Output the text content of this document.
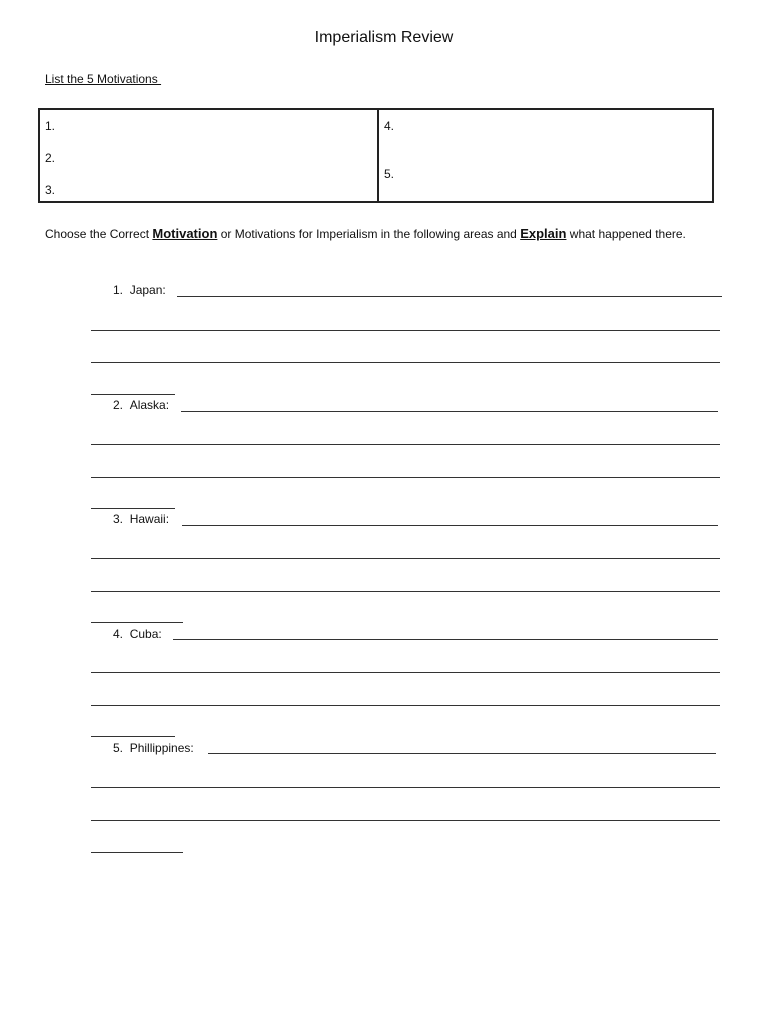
Imperialism Review
List the 5 Motivations
1.
2.
3.
4.
5.
Choose the Correct Motivation or Motivations for Imperialism in the following areas and Explain what happened there.
1. Japan:
2. Alaska:
3. Hawaii:
4. Cuba:
5. Phillippines:
